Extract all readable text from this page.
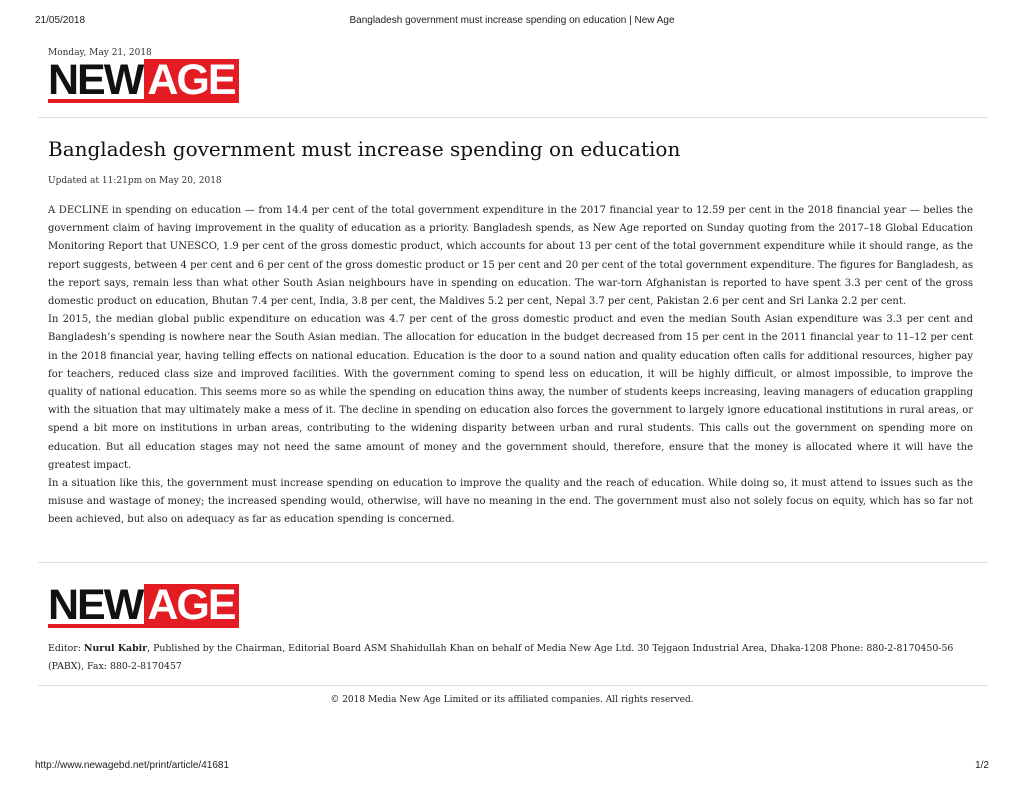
21/05/2018	Bangladesh government must increase spending on education | New Age
Monday, May 21, 2018
NEW AGE
Bangladesh government must increase spending on education
Updated at 11:21pm on May 20, 2018

A DECLINE in spending on education — from 14.4 per cent of the total government expenditure in the 2017 financial year to 12.59 per cent in the 2018 financial year — belies the government claim of having improvement in the quality of education as a priority. Bangladesh spends, as New Age reported on Sunday quoting from the 2017–18 Global Education Monitoring Report that UNESCO, 1.9 per cent of the gross domestic product, which accounts for about 13 per cent of the total government expenditure while it should range, as the report suggests, between 4 per cent and 6 per cent of the gross domestic product or 15 per cent and 20 per cent of the total government expenditure. The figures for Bangladesh, as the report says, remain less than what other South Asian neighbours have in spending on education. The war-torn Afghanistan is reported to have spent 3.3 per cent of the gross domestic product on education, Bhutan 7.4 per cent, India, 3.8 per cent, the Maldives 5.2 per cent, Nepal 3.7 per cent, Pakistan 2.6 per cent and Sri Lanka 2.2 per cent.

In 2015, the median global public expenditure on education was 4.7 per cent of the gross domestic product and even the median South Asian expenditure was 3.3 per cent and Bangladesh’s spending is nowhere near the South Asian median. The allocation for education in the budget decreased from 15 per cent in the 2011 financial year to 11–12 per cent in the 2018 financial year, having telling effects on national education. Education is the door to a sound nation and quality education often calls for additional resources, higher pay for teachers, reduced class size and improved facilities. With the government coming to spend less on education, it will be highly difficult, or almost impossible, to improve the quality of national education. This seems more so as while the spending on education thins away, the number of students keeps increasing, leaving managers of education grappling with the situation that may ultimately make a mess of it. The decline in spending on education also forces the government to largely ignore educational institutions in rural areas, or spend a bit more on institutions in urban areas, contributing to the widening disparity between urban and rural students. This calls out the government on spending more on education. But all education stages may not need the same amount of money and the government should, therefore, ensure that the money is allocated where it will have the greatest impact.

In a situation like this, the government must increase spending on education to improve the quality and the reach of education. While doing so, it must attend to issues such as the misuse and wastage of money; the increased spending would, otherwise, will have no meaning in the end. The government must also not solely focus on equity, which has so far not been achieved, but also on adequacy as far as education spending is concerned.

NEW AGE
Editor: Nurul Kabir, Published by the Chairman, Editorial Board ASM Shahidullah Khan on behalf of Media New Age Ltd. 30 Tejgaon Industrial Area, Dhaka-1208 Phone: 880-2-8170450-56 (PABX), Fax: 880-2-8170457
© 2018 Media New Age Limited or its affiliated companies. All rights reserved.
http://www.newagebd.net/print/article/41681	1/2
